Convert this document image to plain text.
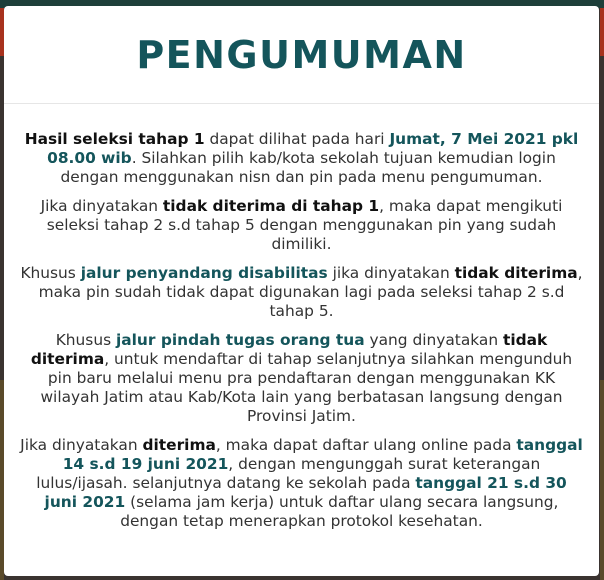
PENGUMUMAN

Hasil seleksi tahap 1 dapat dilihat pada hari Jumat, 7 Mei 2021 pkl 08.00 wib. Silahkan pilih kab/kota sekolah tujuan kemudian login dengan menggunakan nisn dan pin pada menu pengumuman.

Jika dinyatakan tidak diterima di tahap 1, maka dapat mengikuti seleksi tahap 2 s.d tahap 5 dengan menggunakan pin yang sudah dimiliki.

Khusus jalur penyandang disabilitas jika dinyatakan tidak diterima, maka pin sudah tidak dapat digunakan lagi pada seleksi tahap 2 s.d tahap 5.

Khusus jalur pindah tugas orang tua yang dinyatakan tidak diterima, untuk mendaftar di tahap selanjutnya silahkan mengunduh pin baru melalui menu pra pendaftaran dengan menggunakan KK wilayah Jatim atau Kab/Kota lain yang berbatasan langsung dengan Provinsi Jatim.

Jika dinyatakan diterima, maka dapat daftar ulang online pada tanggal 14 s.d 19 juni 2021, dengan mengunggah surat keterangan lulus/ijasah. selanjutnya datang ke sekolah pada tanggal 21 s.d 30 juni 2021 (selama jam kerja) untuk daftar ulang secara langsung, dengan tetap menerapkan protokol kesehatan.
